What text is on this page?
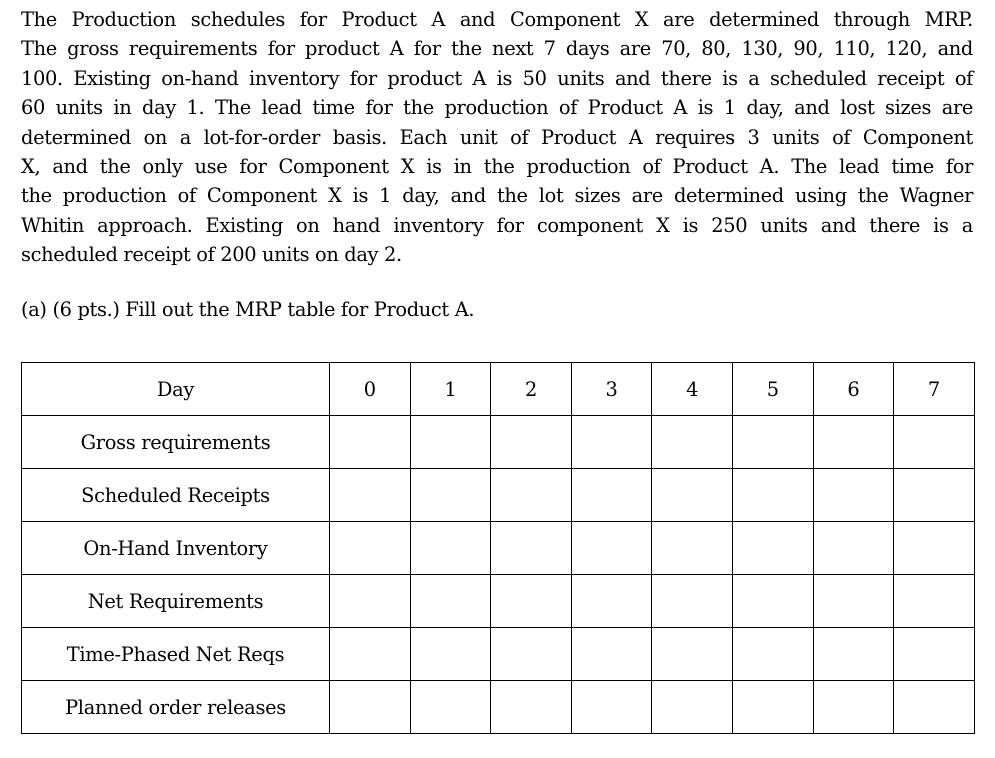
The Production schedules for Product A and Component X are determined through MRP.
The gross requirements for product A for the next 7 days are 70, 80, 130, 90, 110, 120, and
100. Existing on-hand inventory for product A is 50 units and there is a scheduled receipt of
60 units in day 1. The lead time for the production of Product A is 1 day, and lost sizes are
determined on a lot-for-order basis. Each unit of Product A requires 3 units of Component
X, and the only use for Component X is in the production of Product A. The lead time for
the production of Component X is 1 day, and the lot sizes are determined using the Wagner
Whitin approach. Existing on hand inventory for component X is 250 units and there is a
scheduled receipt of 200 units on day 2.

(a) (6 pts.) Fill out the MRP table for Product A.

Day	0	1	2	3	4	5	6	7
Gross requirements								
Scheduled Receipts								
On-Hand Inventory								
Net Requirements								
Time-Phased Net Reqs								
Planned order releases								
